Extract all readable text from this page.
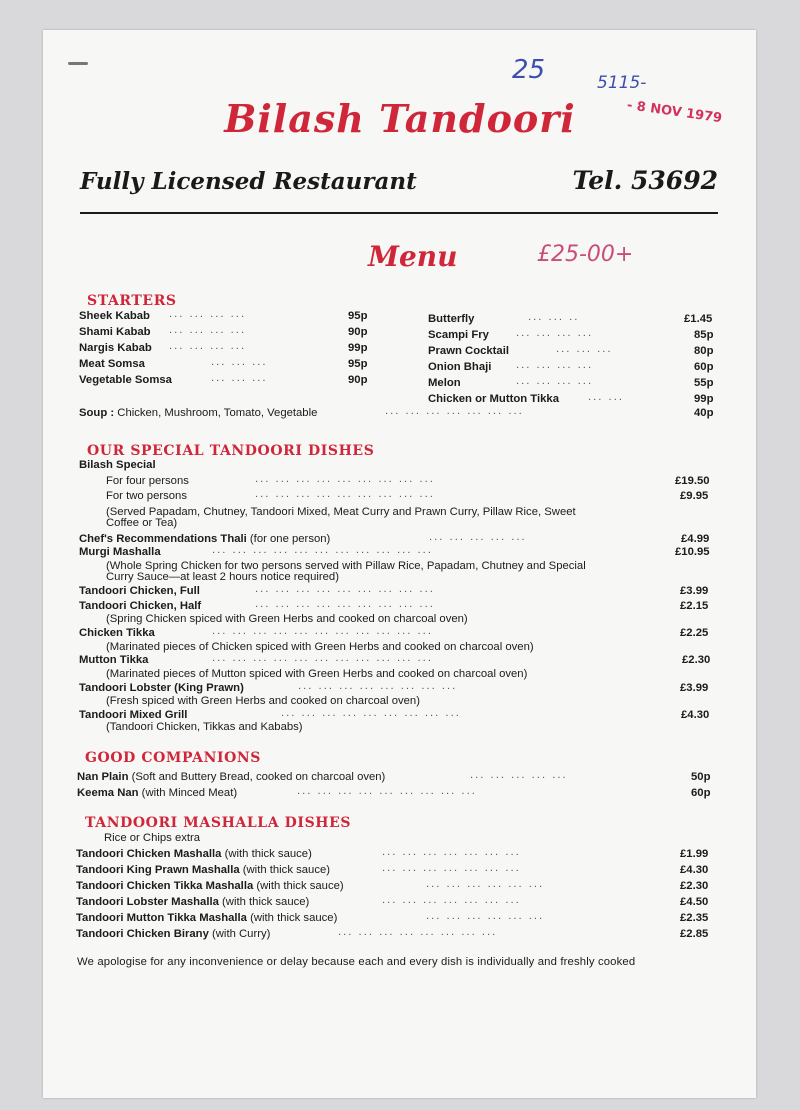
25	5115-
- 8 NOV 1979
Bilash Tandoori
Fully Licensed Restaurant	Tel. 53692
Menu	£25-00+
STARTERS
Sheek Kabab ... ... ... ...	95p
Shami Kabab ... ... ... ...	90p
Nargis Kabab ... ... ... ...	99p
Meat Somsa	... ... ...	95p
Vegetable Somsa	... ... ...	90p
Butterfly	... ... ..	£1.45
Scampi Fry ... ... ... ...	85p
Prawn Cocktail	... ... ...	80p
Onion Bhaji ... ... ... ...	60p
Melon	... ... ... ...	55p
Chicken or Mutton Tikka	... ...	99p
Soup : Chicken, Mushroom, Tomato, Vegetable	... ... ... ... ... ... ...	40p
OUR SPECIAL TANDOORI DISHES
Bilash Special
For four persons	... ... ... ... ... ... ... ... ...	£19.50
For two persons	... ... ... ... ... ... ... ... ...	£9.95
(Served Papadam, Chutney, Tandoori Mixed, Meat Curry and Prawn Curry, Pillaw Rice, Sweet
Coffee or Tea)
Chef's Recommendations Thali (for one person)	... ... ... ... ...	£4.99
Murgi Mashalla	... ... ... ... ... ... ... ... ... ... ...	£10.95
(Whole Spring Chicken for two persons served with Pillaw Rice, Papadam, Chutney and Special
Curry Sauce—at least 2 hours notice required)
Tandoori Chicken, Full	... ... ... ... ... ... ... ... ...	£3.99
Tandoori Chicken, Half	... ... ... ... ... ... ... ... ...	£2.15
(Spring Chicken spiced with Green Herbs and cooked on charcoal oven)
Chicken Tikka	... ... ... ... ... ... ... ... ... ... ...	£2.25
(Marinated pieces of Chicken spiced with Green Herbs and cooked on charcoal oven)
Mutton Tikka	... ... ... ... ... ... ... ... ... ... ...	£2.30
(Marinated pieces of Mutton spiced with Green Herbs and cooked on charcoal oven)
Tandoori Lobster (King Prawn)	... ... ... ... ... ... ... ...	£3.99
(Fresh spiced with Green Herbs and cooked on charcoal oven)
Tandoori Mixed Grill	... ... ... ... ... ... ... ... ...	£4.30
(Tandoori Chicken, Tikkas and Kababs)
GOOD COMPANIONS
Nan Plain (Soft and Buttery Bread, cooked on charcoal oven)	... ... ... ... ...	50p
Keema Nan (with Minced Meat)	... ... ... ... ... ... ... ... ...	60p
TANDOORI MASHALLA DISHES
Rice or Chips extra
Tandoori Chicken Mashalla (with thick sauce)	... ... ... ... ... ... ...	£1.99
Tandoori King Prawn Mashalla (with thick sauce)	... ... ... ... ... ... ...	£4.30
Tandoori Chicken Tikka Mashalla (with thick sauce)	... ... ... ... ... ...	£2.30
Tandoori Lobster Mashalla (with thick sauce)	... ... ... ... ... ... ...	£4.50
Tandoori Mutton Tikka Mashalla (with thick sauce)	... ... ... ... ... ...	£2.35
Tandoori Chicken Birany (with Curry)	... ... ... ... ... ... ... ...	£2.85
We apologise for any inconvenience or delay because each and every dish is individually and freshly cooked
